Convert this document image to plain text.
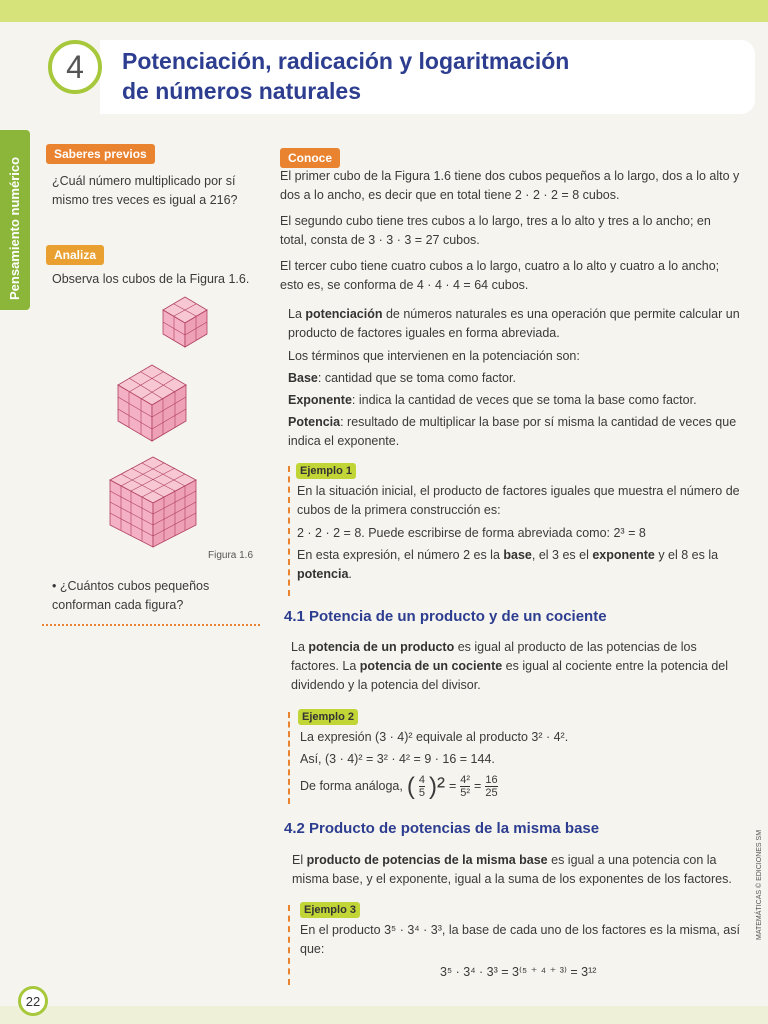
Pensamiento numérico
4	Potenciación, radicación y logaritmación
de números naturales
Saberes previos
¿Cuál número multiplicado por sí mismo tres veces es igual a 216?
Analiza
Observa los cubos de la Figura 1.6.
Figura 1.6
• ¿Cuántos cubos pequeños conforman cada figura?
Conoce
El primer cubo de la Figura 1.6 tiene dos cubos pequeños a lo largo, dos a lo alto y dos a lo ancho, es decir que en total tiene 2 · 2 · 2 = 8 cubos.
El segundo cubo tiene tres cubos a lo largo, tres a lo alto y tres a lo ancho; en total, consta de 3 · 3 · 3 = 27 cubos.
El tercer cubo tiene cuatro cubos a lo largo, cuatro a lo alto y cuatro a lo ancho; esto es, se conforma de 4 · 4 · 4 = 64 cubos.
La potenciación de números naturales es una operación que permite calcular un producto de factores iguales en forma abreviada.
Los términos que intervienen en la potenciación son:
Base: cantidad que se toma como factor.
Exponente: indica la cantidad de veces que se toma la base como factor.
Potencia: resultado de multiplicar la base por sí misma la cantidad de veces que indica el exponente.
Ejemplo 1
En la situación inicial, el producto de factores iguales que muestra el número de cubos de la primera construcción es:
2 · 2 · 2 = 8. Puede escribirse de forma abreviada como: 2³ = 8
En esta expresión, el número 2 es la base, el 3 es el exponente y el 8 es la potencia.
4.1 Potencia de un producto y de un cociente
La potencia de un producto es igual al producto de las potencias de los factores. La potencia de un cociente es igual al cociente entre la potencia del dividendo y la potencia del divisor.
Ejemplo 2
La expresión (3 · 4)² equivale al producto 3² · 4².
Así, (3 · 4)² = 3² · 4² = 9 · 16 = 144.
De forma análoga, ( $\frac{4}{5} )^2 = \frac{\text{4²}}{\text{5²}} = \frac{16}{25}$
4.2 Producto de potencias de la misma base
El producto de potencias de la misma base es igual a una potencia con la misma base, y el exponente, igual a la suma de los exponentes de los factores.
Ejemplo 3
En el producto 3⁵ · 3⁴ · 3³, la base de cada uno de los factores es la misma, así que:
3⁵ · 3⁴ · 3³ = 3⁽⁵ ⁺ ⁴ ⁺ ³⁾ = 3¹²
MATEMÁTICAS © EDICIONES SM
22
